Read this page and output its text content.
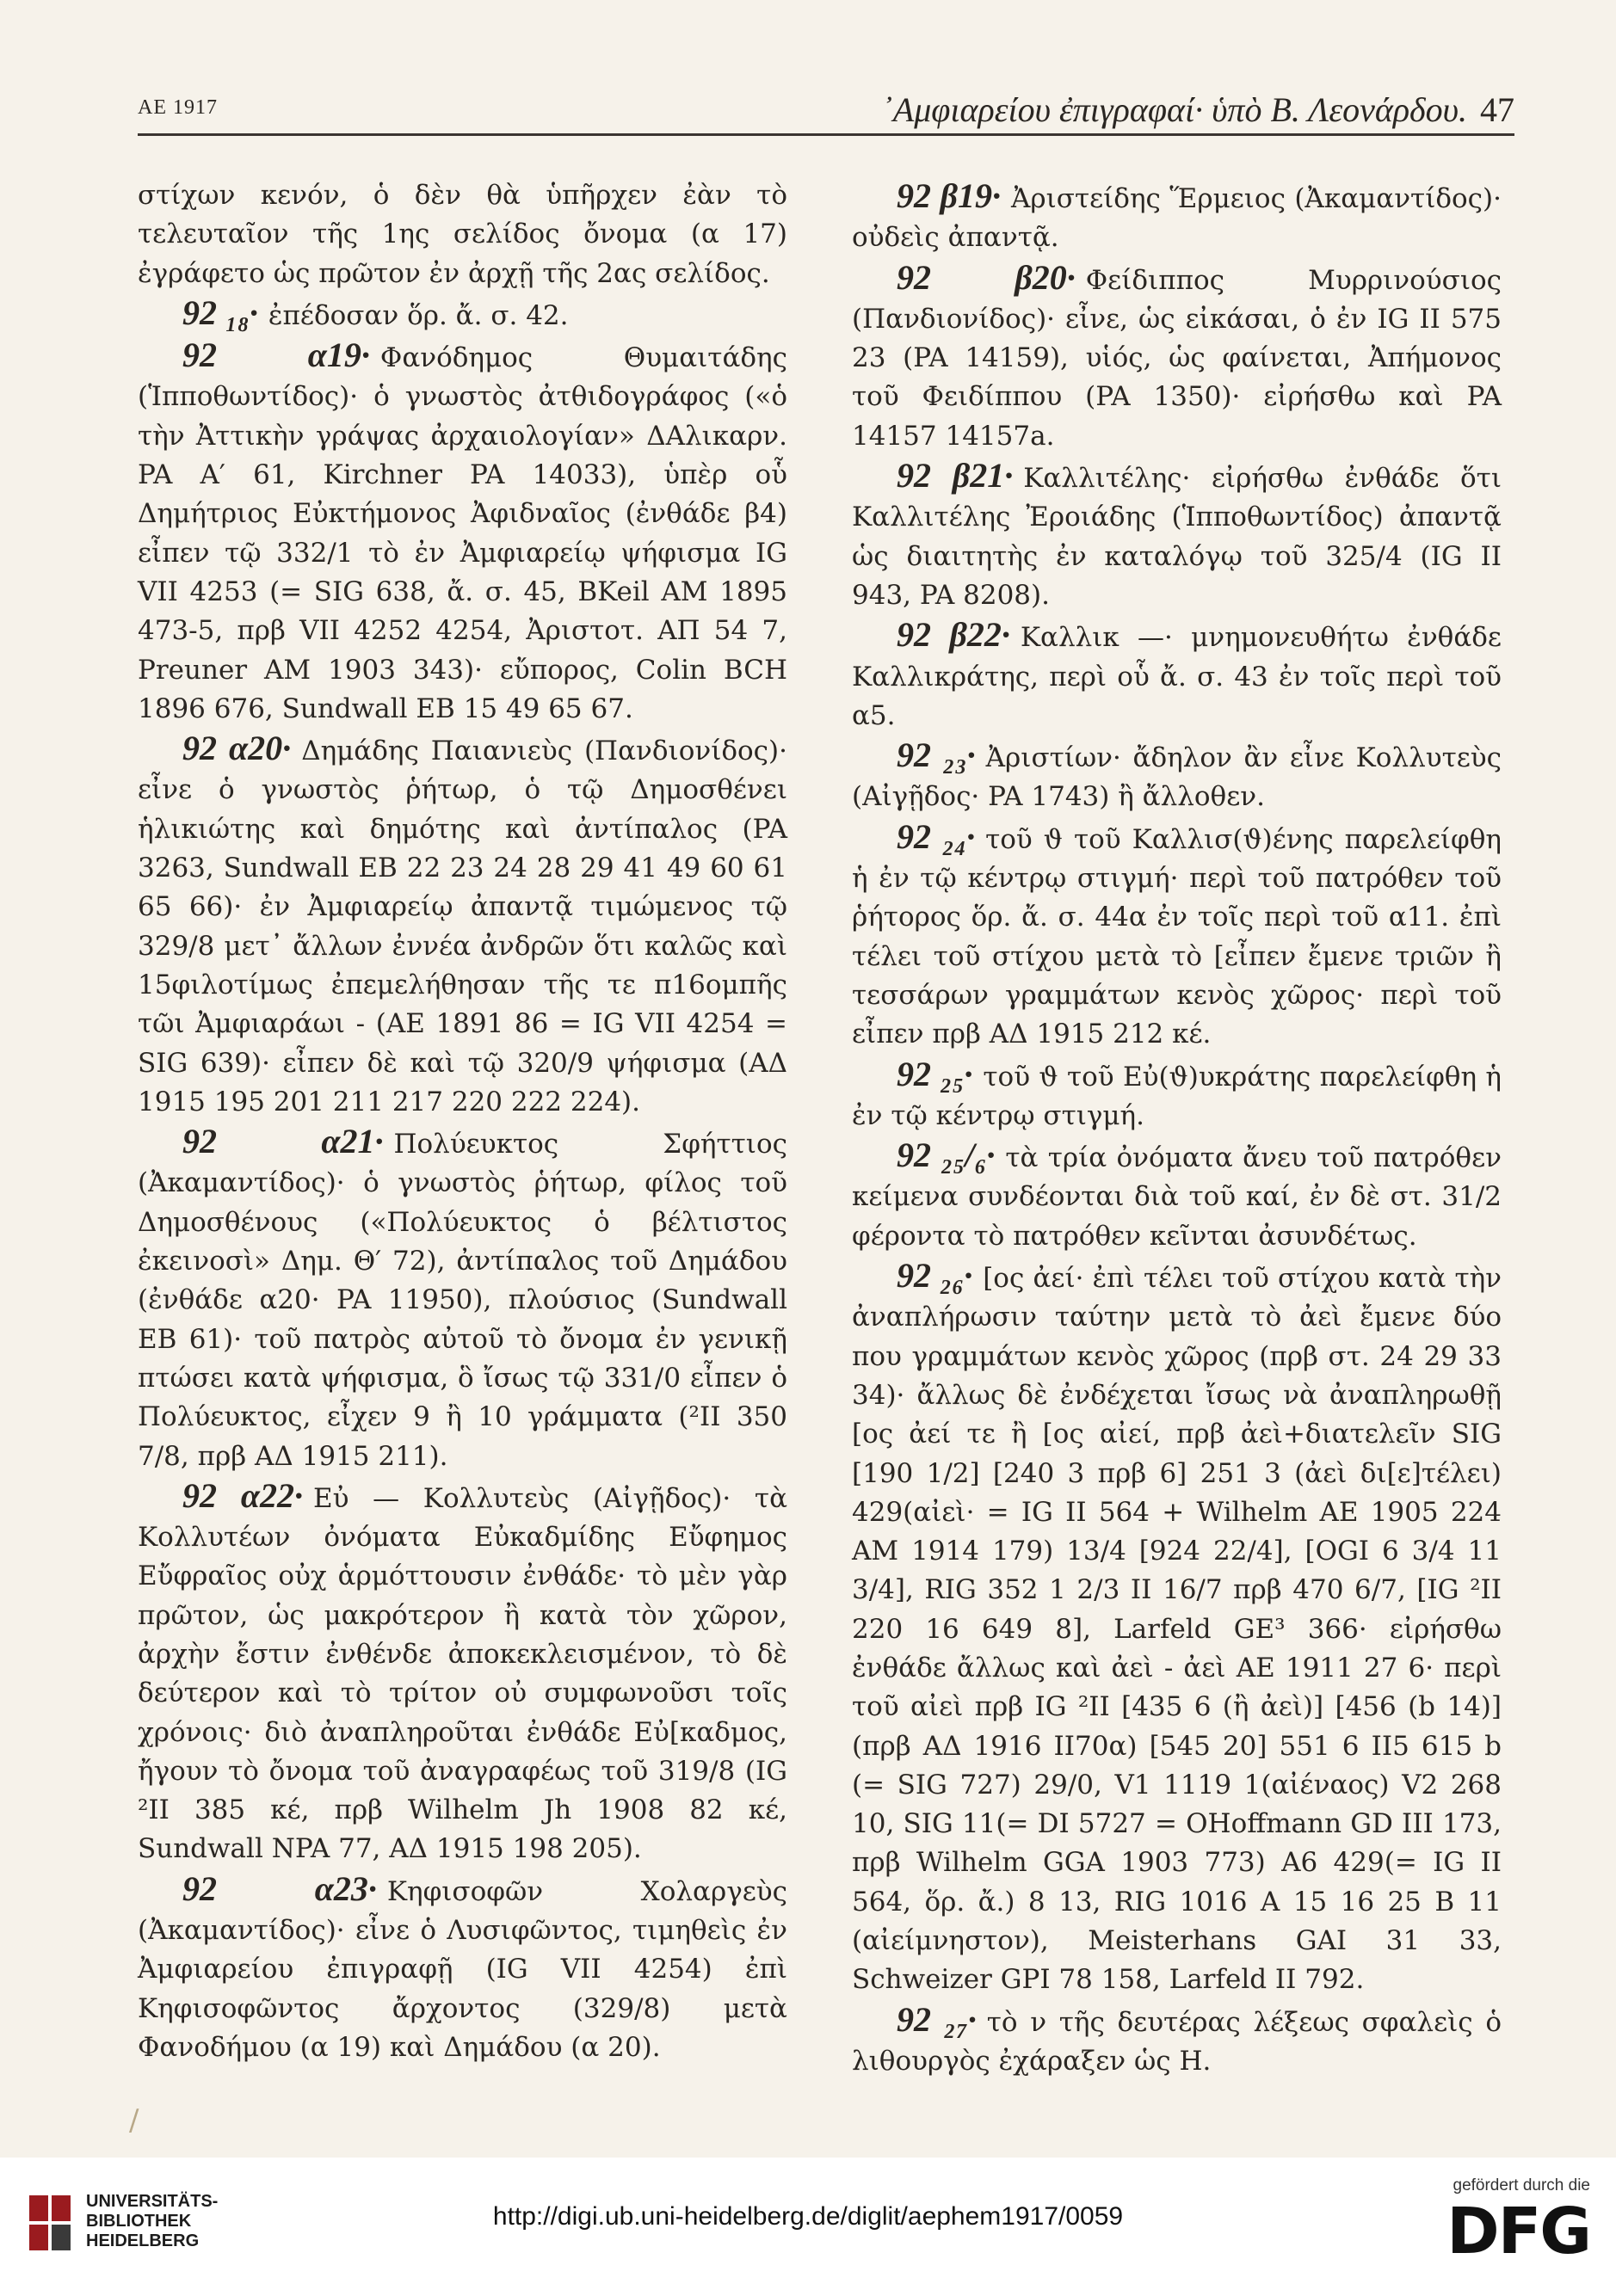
ΑΕ 1917	᾿Αμφιαρείου ἐπιγραφαί· ὑπὸ Β. Λεονάρδου. 47

στίχων κενόν, ὁ δὲν θὰ ὑπῆρχεν ἐὰν τὸ τελευταῖον τῆς 1ης σελίδος ὄνομα (α 17) ἐγράφετο ὡς πρῶτον ἐν ἀρχῇ τῆς 2ας σελίδος.

92 ₁₈· ἐπέδοσαν ὅρ. ἄ. σ. 42.

92 α19· Φανόδημος Θυμαιτάδης (Ἱπποθωντίδος)· ὁ γνωστὸς ἀτθιδογράφος («ὁ τὴν Ἀττικὴν γράψας ἀρχαιολογίαν» ΔΑλικαρν. PA A′ 61, Kirchner PA 14033), ὑπὲρ οὗ Δημήτριος Εὐκτήμονος Ἀφιδναῖος (ἐνθάδε β4) εἶπεν τῷ 332/1 τὸ ἐν Ἀμφιαρείῳ ψήφισμα IG VII 4253 (= SIG 638, ἄ. σ. 45, BKeil AM 1895 473-5, πρβ VII 4252 4254, Ἀριστοτ. ΑΠ 54 7, Preuner AM 1903 343)· εὔπορος, Colin BCH 1896 676, Sundwall EB 15 49 65 67.

92 α20· Δημάδης Παιανιεὺς (Πανδιονίδος)· εἶνε ὁ γνωστὸς ῥήτωρ, ὁ τῷ Δημοσθένει ἡλικιώτης καὶ δημότης καὶ ἀντίπαλος (PA 3263, Sundwall EB 22 23 24 28 29 41 49 60 61 65 66)· ἐν Ἀμφιαρείῳ ἀπαντᾷ τιμώμενος τῷ 329/8 μετ᾽ ἄλλων ἐννέα ἀνδρῶν ὅτι καλῶς καὶ 15φιλοτίμως ἐπεμελήθησαν τῆς τε π16ομπῆς τῶι Ἀμφιαράωι - (ΑΕ 1891 86 = IG VII 4254 = SIG 639)· εἶπεν δὲ καὶ τῷ 320/9 ψήφισμα (ΑΔ 1915 195 201 211 217 220 222 224).

92 α21· Πολύευκτος Σφήττιος (Ἀκαμαντίδος)· ὁ γνωστὸς ῥήτωρ, φίλος τοῦ Δημοσθένους («Πολύευκτος ὁ βέλτιστος ἐκεινοσὶ» Δημ. Θ′ 72), ἀντίπαλος τοῦ Δημάδου (ἐνθάδε α20· PA 11950), πλούσιος (Sundwall EB 61)· τοῦ πατρὸς αὐτοῦ τὸ ὄνομα ἐν γενικῇ πτώσει κατὰ ψήφισμα, ὃ ἴσως τῷ 331/0 εἶπεν ὁ Πολύευκτος, εἶχεν 9 ἢ 10 γράμματα (²II 350 7/8, πρβ ΑΔ 1915 211).

92 α22· Εὐ — Κολλυτεὺς (Αἰγῇδος)· τὰ Κολλυτέων ὀνόματα Εὐκαδμίδης Εὔφημος Εὔφραῖος οὐχ ἁρμόττουσιν ἐνθάδε· τὸ μὲν γὰρ πρῶτον, ὡς μακρότερον ἢ κατὰ τὸν χῶρον, ἀρχὴν ἔστιν ἐνθένδε ἀποκεκλεισμένον, τὸ δὲ δεύτερον καὶ τὸ τρίτον οὐ συμφωνοῦσι τοῖς χρόνοις· διὸ ἀναπληροῦται ἐνθάδε Εὐ[καδμος, ἤγουν τὸ ὄνομα τοῦ ἀναγραφέως τοῦ 319/8 (IG ²II 385 κέ, πρβ Wilhelm Jh 1908 82 κέ, Sundwall NPA 77, ΑΔ 1915 198 205).

92 α23· Κηφισοφῶν Χολαργεὺς (Ἀκαμαντίδος)· εἶνε ὁ Λυσιφῶντος, τιμηθεὶς ἐν Ἀμφιαρείου ἐπιγραφῇ (IG VII 4254) ἐπὶ Κηφισοφῶντος ἄρχοντος (329/8) μετὰ Φανοδήμου (α 19) καὶ Δημάδου (α 20).

92 β19· Ἀριστείδης Ἕρμειος (Ἀκαμαντίδος)· οὐδεὶς ἀπαντᾷ.

92 β20· Φείδιππος Μυρρινούσιος (Πανδιονίδος)· εἶνε, ὡς εἰκάσαι, ὁ ἐν IG II 575 23 (PA 14159), υἱός, ὡς φαίνεται, Ἀπήμονος τοῦ Φειδίππου (PA 1350)· εἰρήσθω καὶ PA 14157 14157a.

92 β21· Καλλιτέλης· εἰρήσθω ἐνθάδε ὅτι Καλλιτέλης Ἐροιάδης (Ἱπποθωντίδος) ἀπαντᾷ ὡς διαιτητὴς ἐν καταλόγῳ τοῦ 325/4 (IG II 943, PA 8208).

92 β22· Καλλικ —· μνημονευθήτω ἐνθάδε Καλλικράτης, περὶ οὗ ἄ. σ. 43 ἐν τοῖς περὶ τοῦ α5.

92 ₂₃· Ἀριστίων· ἄδηλον ἂν εἶνε Κολλυτεὺς (Αἰγῇδος· PA 1743) ἢ ἄλλοθεν.

92 ₂₄· τοῦ ϑ τοῦ Καλλισ(ϑ)ένης παρελείφθη ἡ ἐν τῷ κέντρῳ στιγμή· περὶ τοῦ πατρόθεν τοῦ ῥήτορος ὅρ. ἄ. σ. 44α ἐν τοῖς περὶ τοῦ α11. ἐπὶ τέλει τοῦ στίχου μετὰ τὸ [εἶπεν ἔμενε τριῶν ἢ τεσσάρων γραμμάτων κενὸς χῶρος· περὶ τοῦ εἶπεν πρβ ΑΔ 1915 212 κέ.

92 ₂₅· τοῦ ϑ τοῦ Εὐ(ϑ)υκράτης παρελείφθη ἡ ἐν τῷ κέντρῳ στιγμή.

92 ₂₅/₆· τὰ τρία ὀνόματα ἄνευ τοῦ πατρόθεν κείμενα συνδέονται διὰ τοῦ καί, ἐν δὲ στ. 31/2 φέροντα τὸ πατρόθεν κεῖνται ἀσυνδέτως.

92 ₂₆· [ος ἀεί· ἐπὶ τέλει τοῦ στίχου κατὰ τὴν ἀναπλήρωσιν ταύτην μετὰ τὸ ἀεὶ ἔμενε δύο που γραμμάτων κενὸς χῶρος (πρβ στ. 24 29 33 34)· ἄλλως δὲ ἐνδέχεται ἴσως νὰ ἀναπληρωθῇ [ος ἀεί τε ἢ [ος αἰεί, πρβ ἀεὶ+διατελεῖν SIG [190 1/2] [240 3 πρβ 6] 251 3 (ἀεὶ δι[ε]τέλει) 429(αἰεὶ· = IG II 564 + Wilhelm ΑΕ 1905 224 ΑΜ 1914 179) 13/4 [924 22/4], [OGI 6 3/4 11 3/4], RIG 352 1 2/3 II 16/7 πρβ 470 6/7, [IG ²II 220 16 649 8], Larfeld GE³ 366· εἰρήσθω ἐνθάδε ἄλλως καὶ ἀεὶ - ἀεὶ ΑΕ 1911 27 6· περὶ τοῦ αἰεὶ πρβ IG ²II [435 6 (ἢ ἀεὶ)] [456 (b 14)] (πρβ ΑΔ 1916 II70α) [545 20] 551 6 II5 615 b (= SIG 727) 29/0, V1 1119 1(αἰέναος) V2 268 10, SIG 11(= DI 5727 = OHoffmann GD III 173, πρβ Wilhelm GGA 1903 773) A6 429(= IG II 564, ὅρ. ἄ.) 8 13, RIG 1016 A 15 16 25 B 11 (αἰείμνηστον), Meisterhans GAI 31 33, Schweizer GPI 78 158, Larfeld II 792.

92 ₂₇· τὸ ν τῆς δευτέρας λέξεως σφαλεὶς ὁ λιθουργὸς ἐχάραξεν ὡς Η.

/
UNIVERSITÄTS-
BIBLIOTHEK
HEIDELBERG
http://digi.ub.uni-heidelberg.de/diglit/aephem1917/0059
gefördert durch die
DFG
